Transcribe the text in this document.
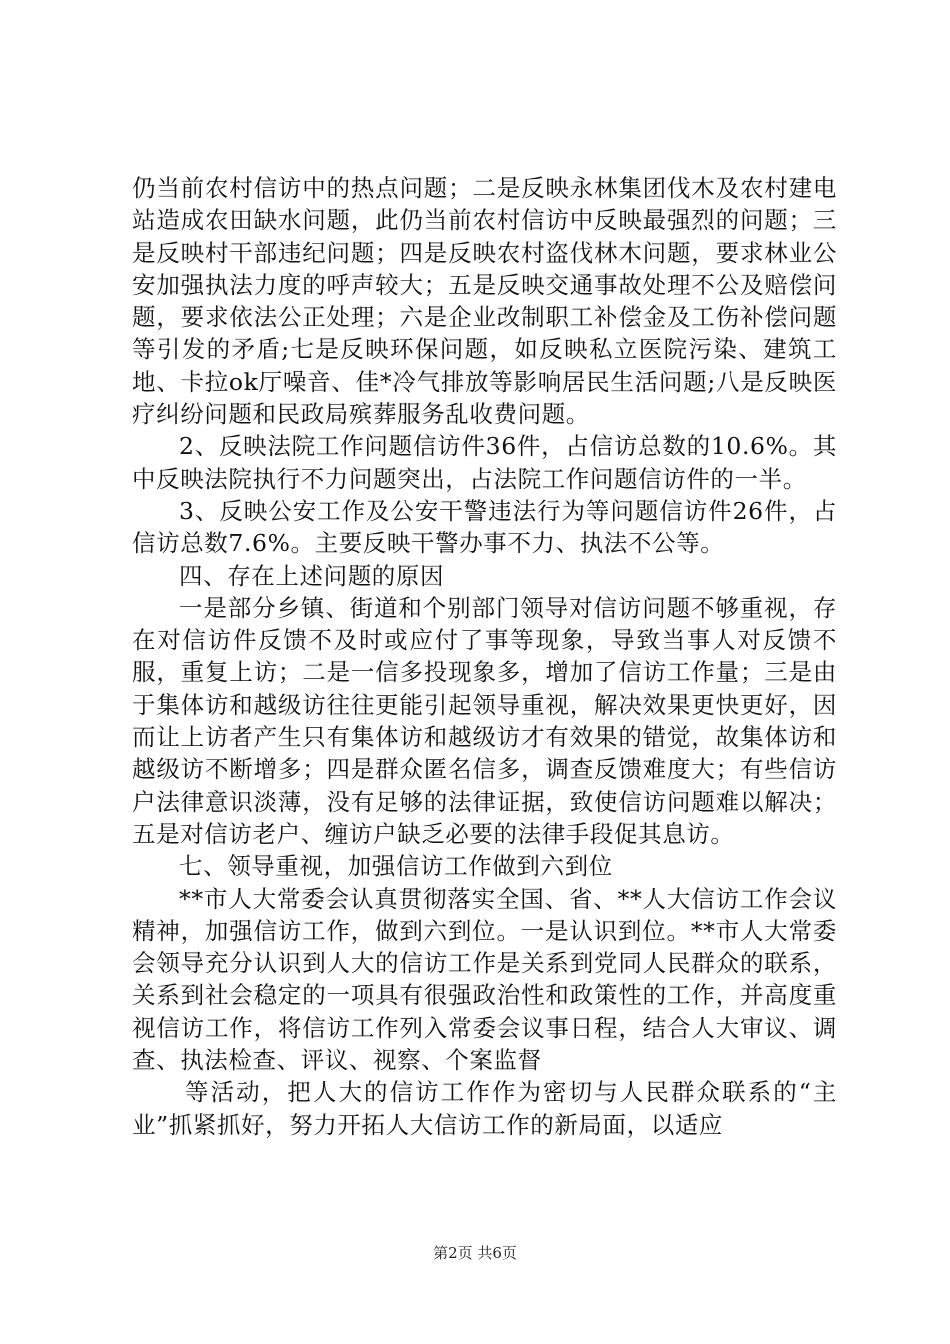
仍当前农村信访中的热点问题；二是反映永林集团伐木及农村建电站造成农田缺水问题，此仍当前农村信访中反映最强烈的问题；三是反映村干部违纪问题；四是反映农村盗伐林木问题，要求林业公安加强执法力度的呼声较大；五是反映交通事故处理不公及赔偿问题，要求依法公正处理；六是企业改制职工补偿金及工伤补偿问题等引发的矛盾;七是反映环保问题，如反映私立医院污染、建筑工地、卡拉ok厅噪音、佳*冷气排放等影响居民生活问题;八是反映医疗纠纷问题和民政局殡葬服务乱收费问题。

2、反映法院工作问题信访件36件，占信访总数的10.6%。其中反映法院执行不力问题突出，占法院工作问题信访件的一半。

3、反映公安工作及公安干警违法行为等问题信访件26件，占信访总数7.6%。主要反映干警办事不力、执法不公等。

四、存在上述问题的原因

一是部分乡镇、街道和个别部门领导对信访问题不够重视，存在对信访件反馈不及时或应付了事等现象，导致当事人对反馈不服，重复上访；二是一信多投现象多，增加了信访工作量；三是由于集体访和越级访往往更能引起领导重视，解决效果更快更好，因而让上访者产生只有集体访和越级访才有效果的错觉，故集体访和越级访不断增多；四是群众匿名信多，调查反馈难度大；有些信访户法律意识淡薄，没有足够的法律证据，致使信访问题难以解决；五是对信访老户、缠访户缺乏必要的法律手段促其息访。

七、领导重视，加强信访工作做到六到位

**市人大常委会认真贯彻落实全国、省、**人大信访工作会议精神，加强信访工作，做到六到位。一是认识到位。**市人大常委会领导充分认识到人大的信访工作是关系到党同人民群众的联系，关系到社会稳定的一项具有很强政治性和政策性的工作，并高度重视信访工作，将信访工作列入常委会议事日程，结合人大审议、调查、执法检查、评议、视察、个案监督

等活动，把人大的信访工作作为密切与人民群众联系的“主业”抓紧抓好，努力开拓人大信访工作的新局面，以适应

第2页 共6页
